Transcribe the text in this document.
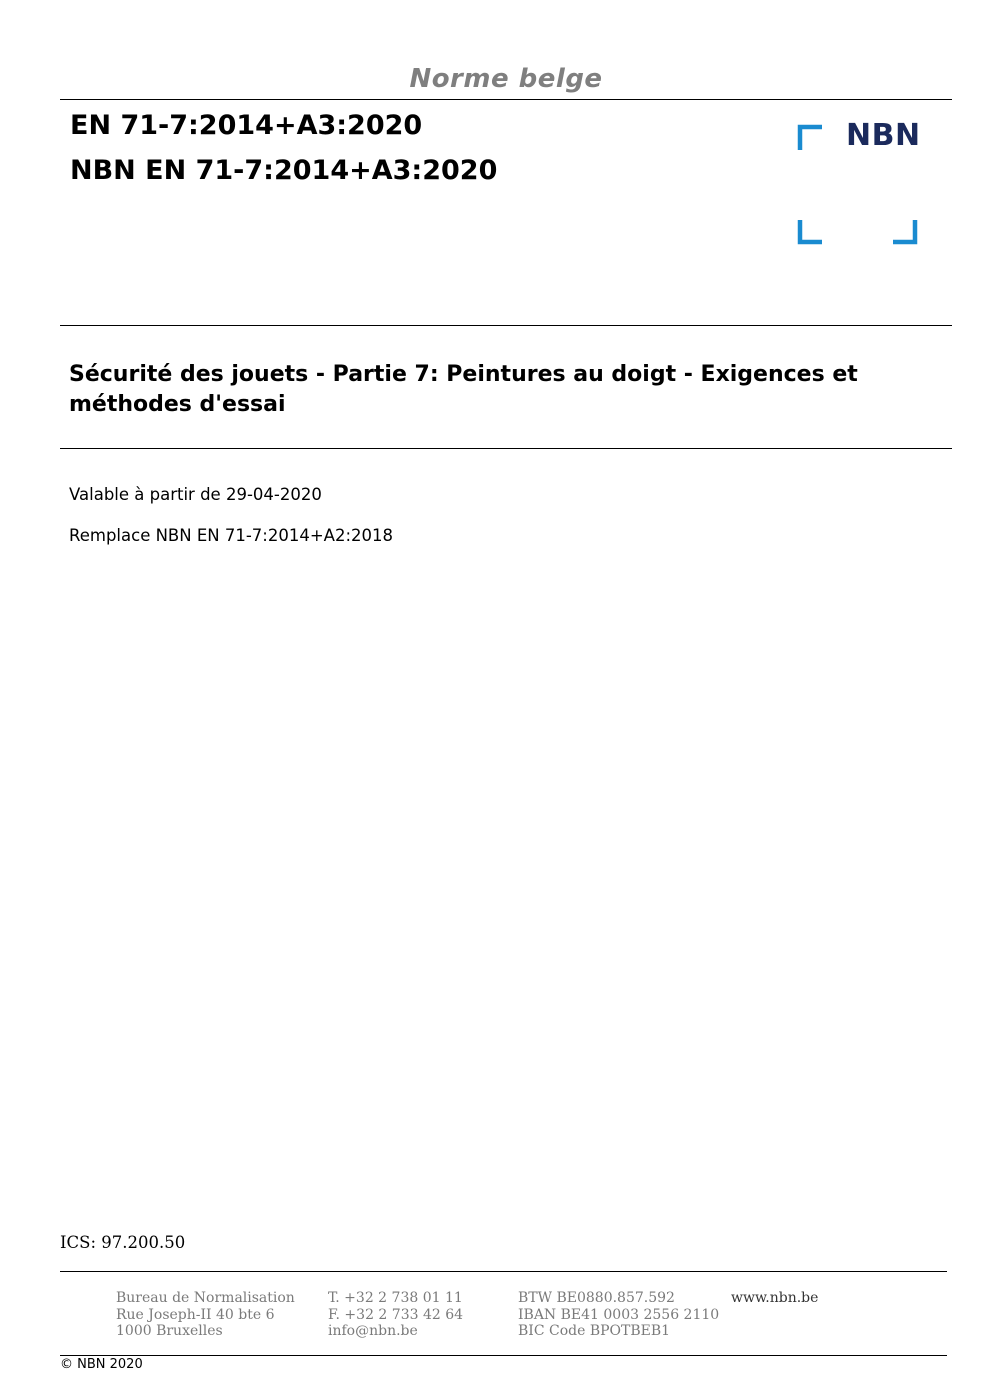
Norme belge
EN 71-7:2014+A3:2020
NBN EN 71-7:2014+A3:2020
NBN
Sécurité des jouets - Partie 7: Peintures au doigt - Exigences et méthodes d'essai
Valable à partir de 29-04-2020
Remplace NBN EN 71-7:2014+A2:2018
ICS: 97.200.50
Bureau de Normalisation
Rue Joseph-II 40 bte 6
1000 Bruxelles
T. +32 2 738 01 11
F. +32 2 733 42 64
info@nbn.be
BTW BE0880.857.592
IBAN BE41 0003 2556 2110
BIC Code BPOTBEB1
www.nbn.be
© NBN 2020
